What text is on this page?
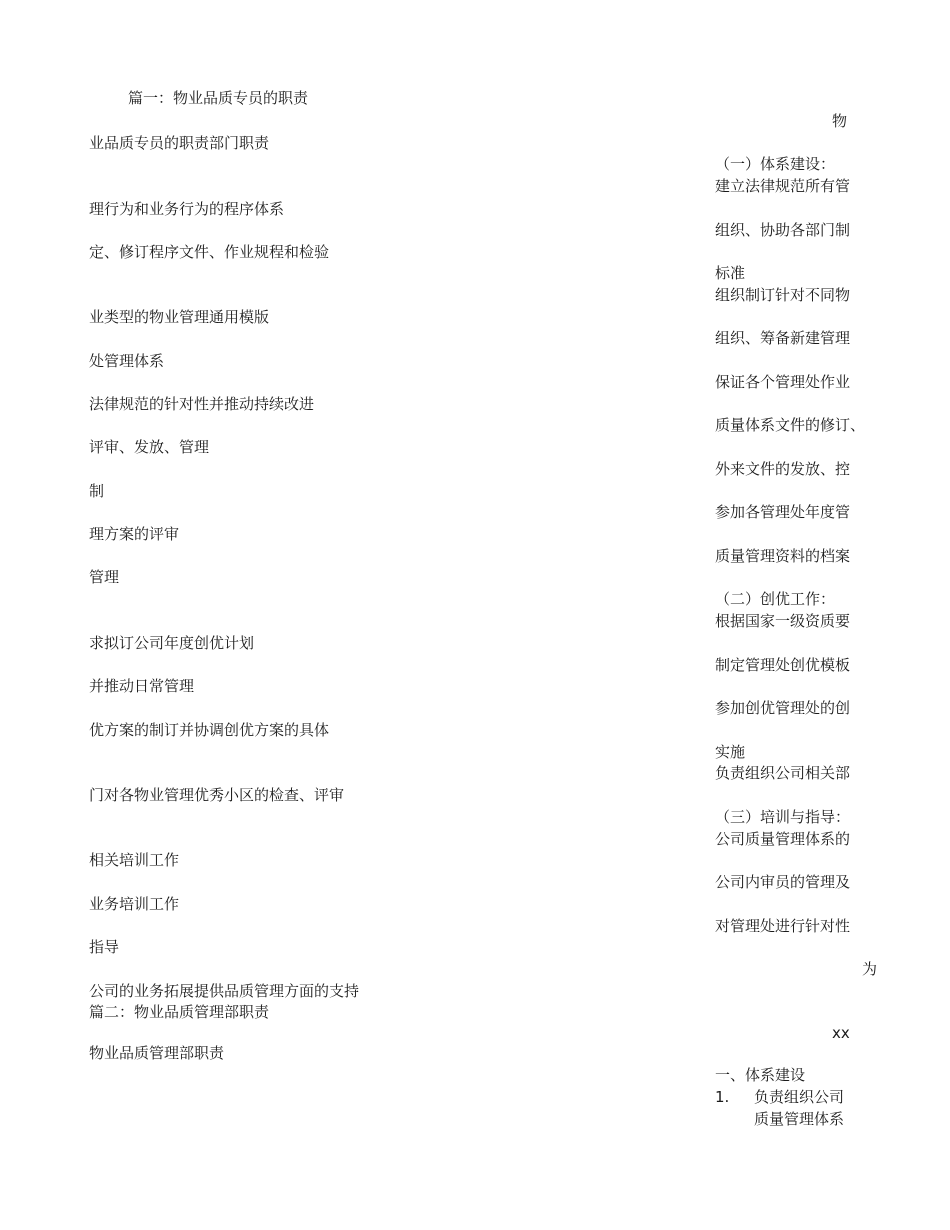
篇一：物业品质专员的职责
业品质专员的职责部门职责
理行为和业务行为的程序体系
定、修订程序文件、作业规程和检验
业类型的物业管理通用模版
处管理体系
法律规范的针对性并推动持续改进
评审、发放、管理
制
理方案的评审
管理
求拟订公司年度创优计划
并推动日常管理
优方案的制订并协调创优方案的具体
门对各物业管理优秀小区的检查、评审
相关培训工作
业务培训工作
指导
公司的业务拓展提供品质管理方面的支持
篇二：物业品质管理部职责
物业品质管理部职责
物
（一）体系建设：
建立法律规范所有管
组织、协助各部门制
标准
组织制订针对不同物
组织、筹备新建管理
保证各个管理处作业
质量体系文件的修订、
外来文件的发放、控
参加各管理处年度管
质量管理资料的档案
（二）创优工作：
根据国家一级资质要
制定管理处创优模板
参加创优管理处的创
实施
负责组织公司相关部
（三）培训与指导：
公司质量管理体系的
公司内审员的管理及
对管理处进行针对性
为
xx
一、体系建设
1. 负责组织公司
质量管理体系
